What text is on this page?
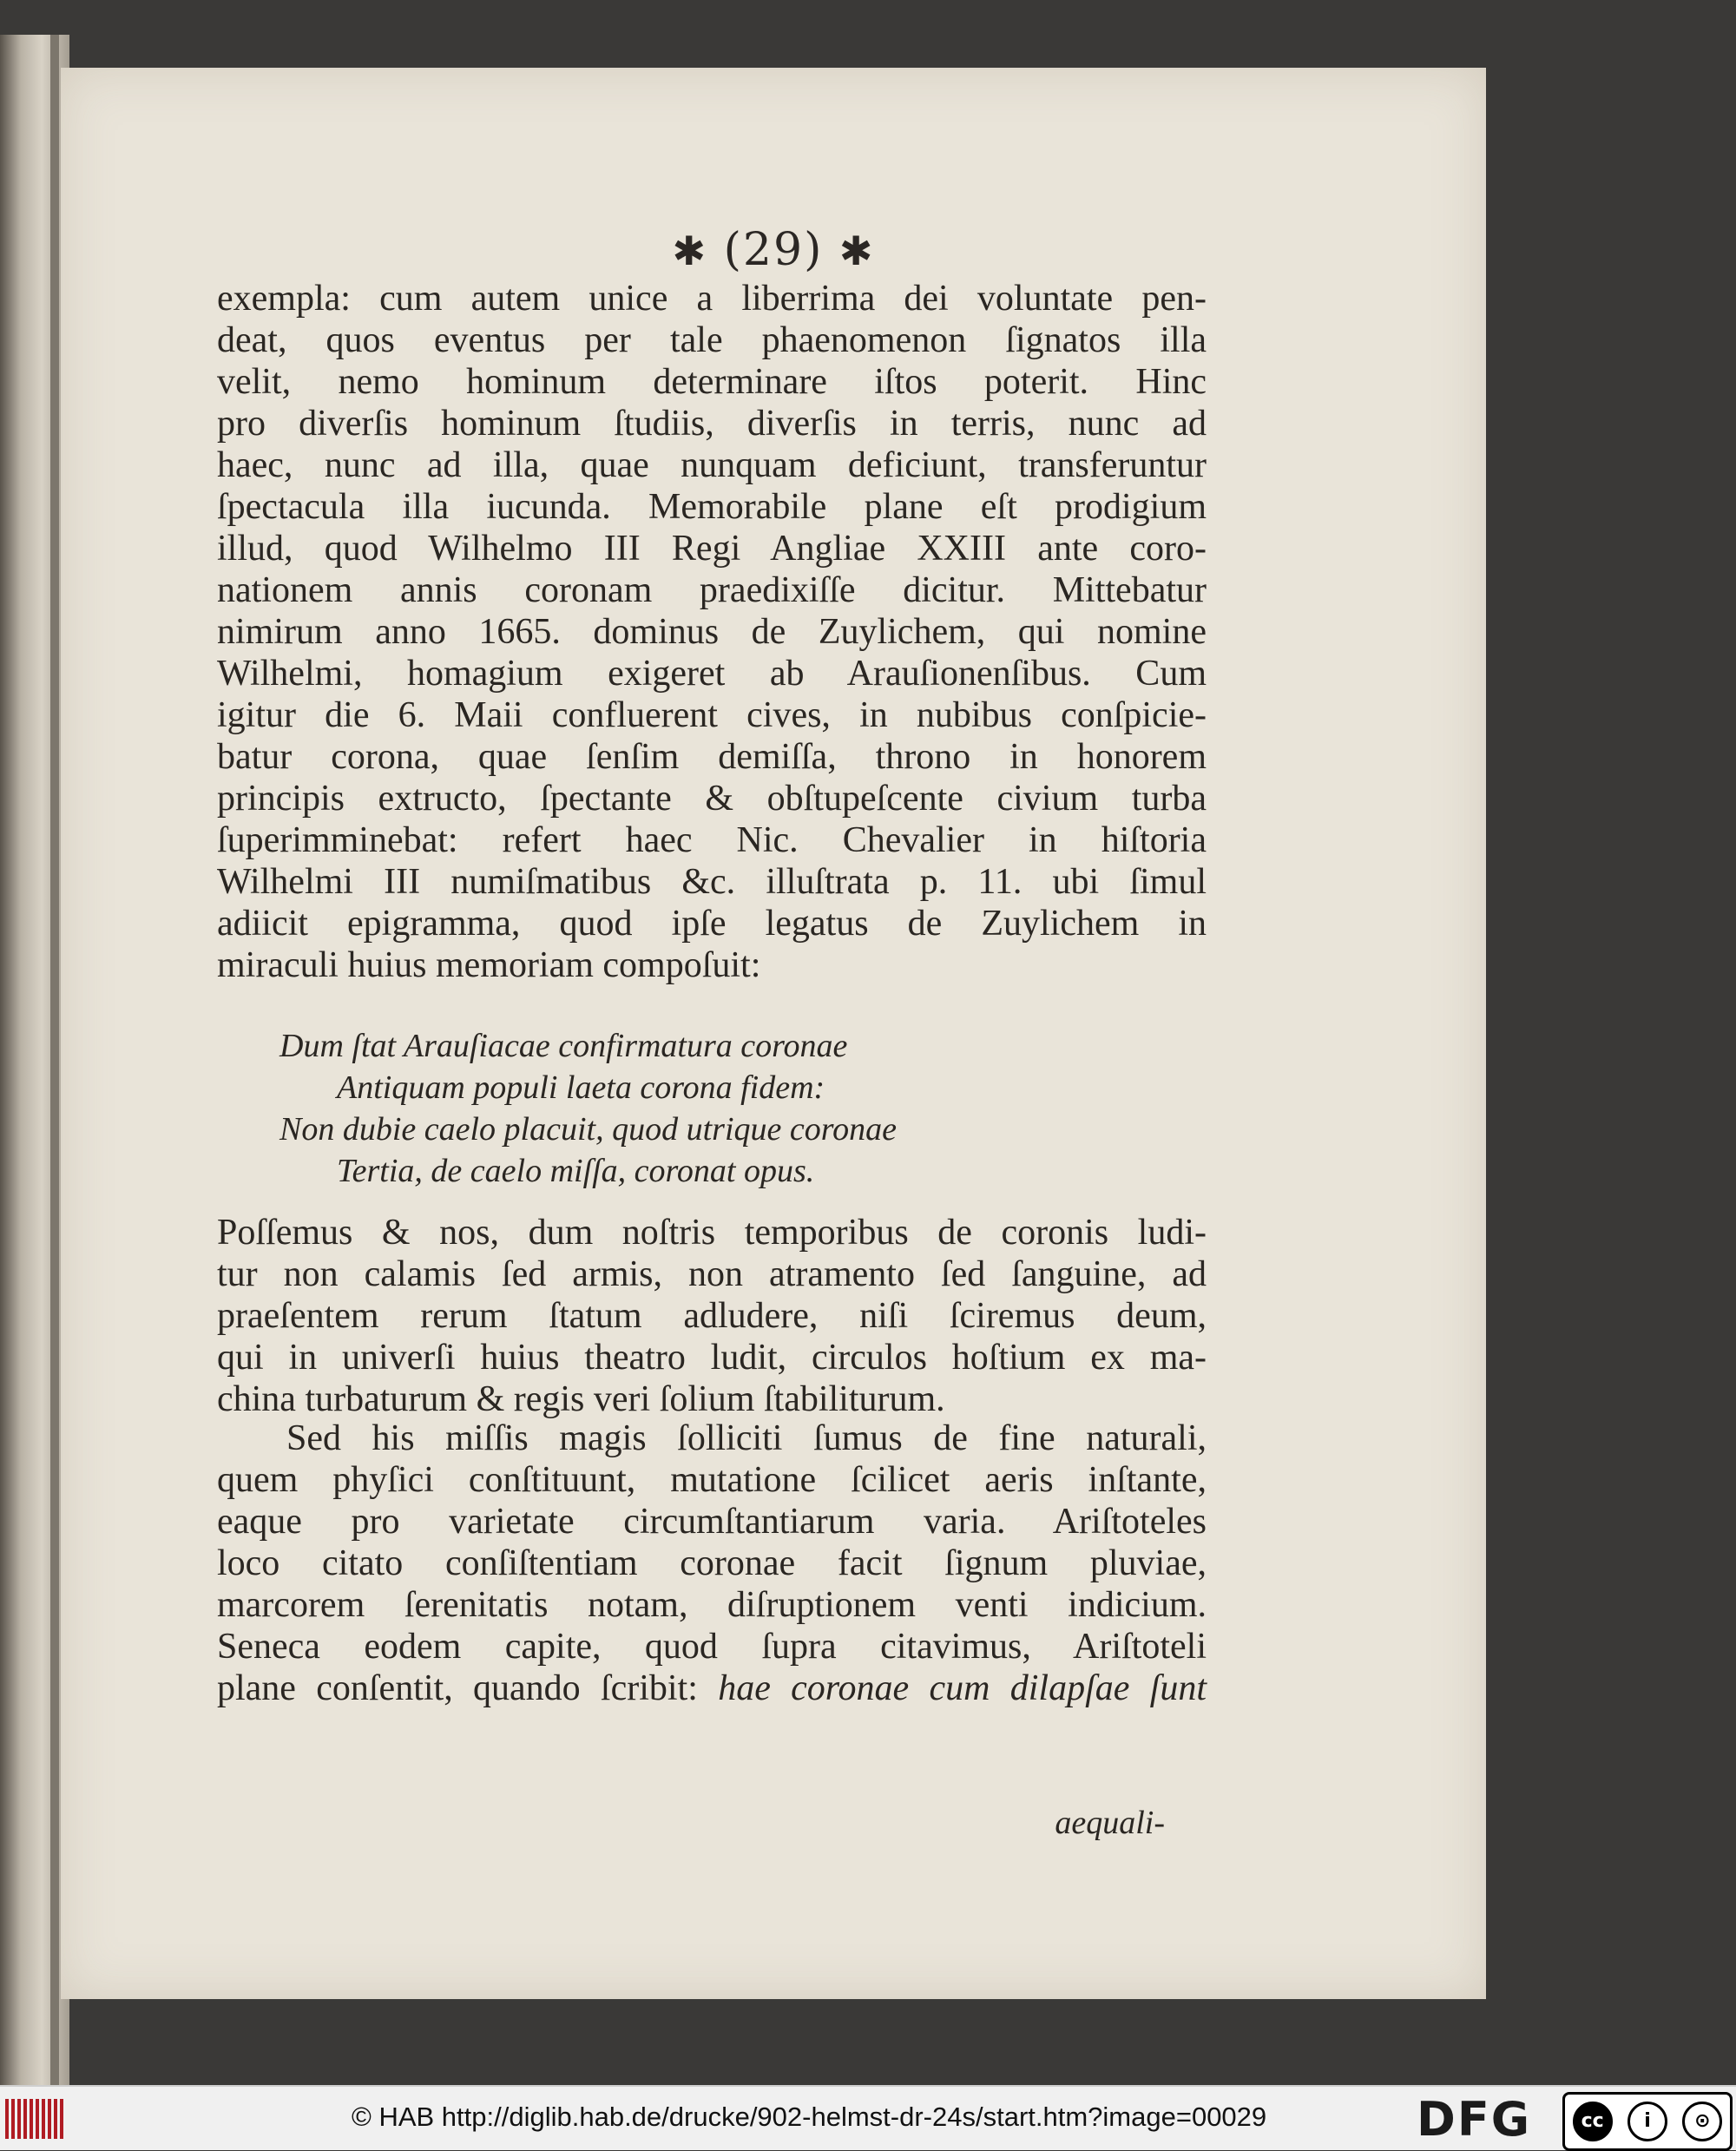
✱ (29) ✱
exempla: cum autem unice a liberrima dei voluntate pen-
deat, quos eventus per tale phaenomenon ſignatos illa
velit, nemo hominum determinare iſtos poterit. Hinc
pro diverſis hominum ſtudiis, diverſis in terris, nunc ad
haec, nunc ad illa, quae nunquam deficiunt, transferuntur
ſpectacula illa iucunda. Memorabile plane eſt prodigium
illud, quod Wilhelmo III Regi Angliae XXIII ante coro-
nationem annis coronam praedixiſſe dicitur. Mittebatur
nimirum anno 1665. dominus de Zuylichem, qui nomine
Wilhelmi, homagium exigeret ab Arauſionenſibus. Cum
igitur die 6. Maii confluerent cives, in nubibus conſpicie-
batur corona, quae ſenſim demiſſa, throno in honorem
principis extructo, ſpectante & obſtupeſcente civium turba
ſuperimminebat: refert haec Nic. Chevalier in hiſtoria
Wilhelmi III numiſmatibus &c. illuſtrata p. 11. ubi ſimul
adiicit epigramma, quod ipſe legatus de Zuylichem in
miraculi huius memoriam compoſuit:
Dum ſtat Arauſiacae confirmatura coronae
Antiquam populi laeta corona fidem:
Non dubie caelo placuit, quod utrique coronae
Tertia, de caelo miſſa, coronat opus.
Poſſemus & nos, dum noſtris temporibus de coronis ludi-
tur non calamis ſed armis, non atramento ſed ſanguine, ad
praeſentem rerum ſtatum adludere, niſi ſciremus deum,
qui in univerſi huius theatro ludit, circulos hoſtium ex ma-
china turbaturum & regis veri ſolium ſtabiliturum.
Sed his miſſis magis ſolliciti ſumus de fine naturali,
quem phyſici conſtituunt, mutatione ſcilicet aeris inſtante,
eaque pro varietate circumſtantiarum varia. Ariſtoteles
loco citato conſiſtentiam coronae facit ſignum pluviae,
marcorem ſerenitatis notam, diſruptionem venti indicium.
Seneca eodem capite, quod ſupra citavimus, Ariſtoteli
plane conſentit, quando ſcribit: hae coronae cum dilapſae ſunt
aequali-
© HAB http://diglib.hab.de/drucke/902-helmst-dr-24s/start.htm?image=00029	DFG	cc	i	⊙
